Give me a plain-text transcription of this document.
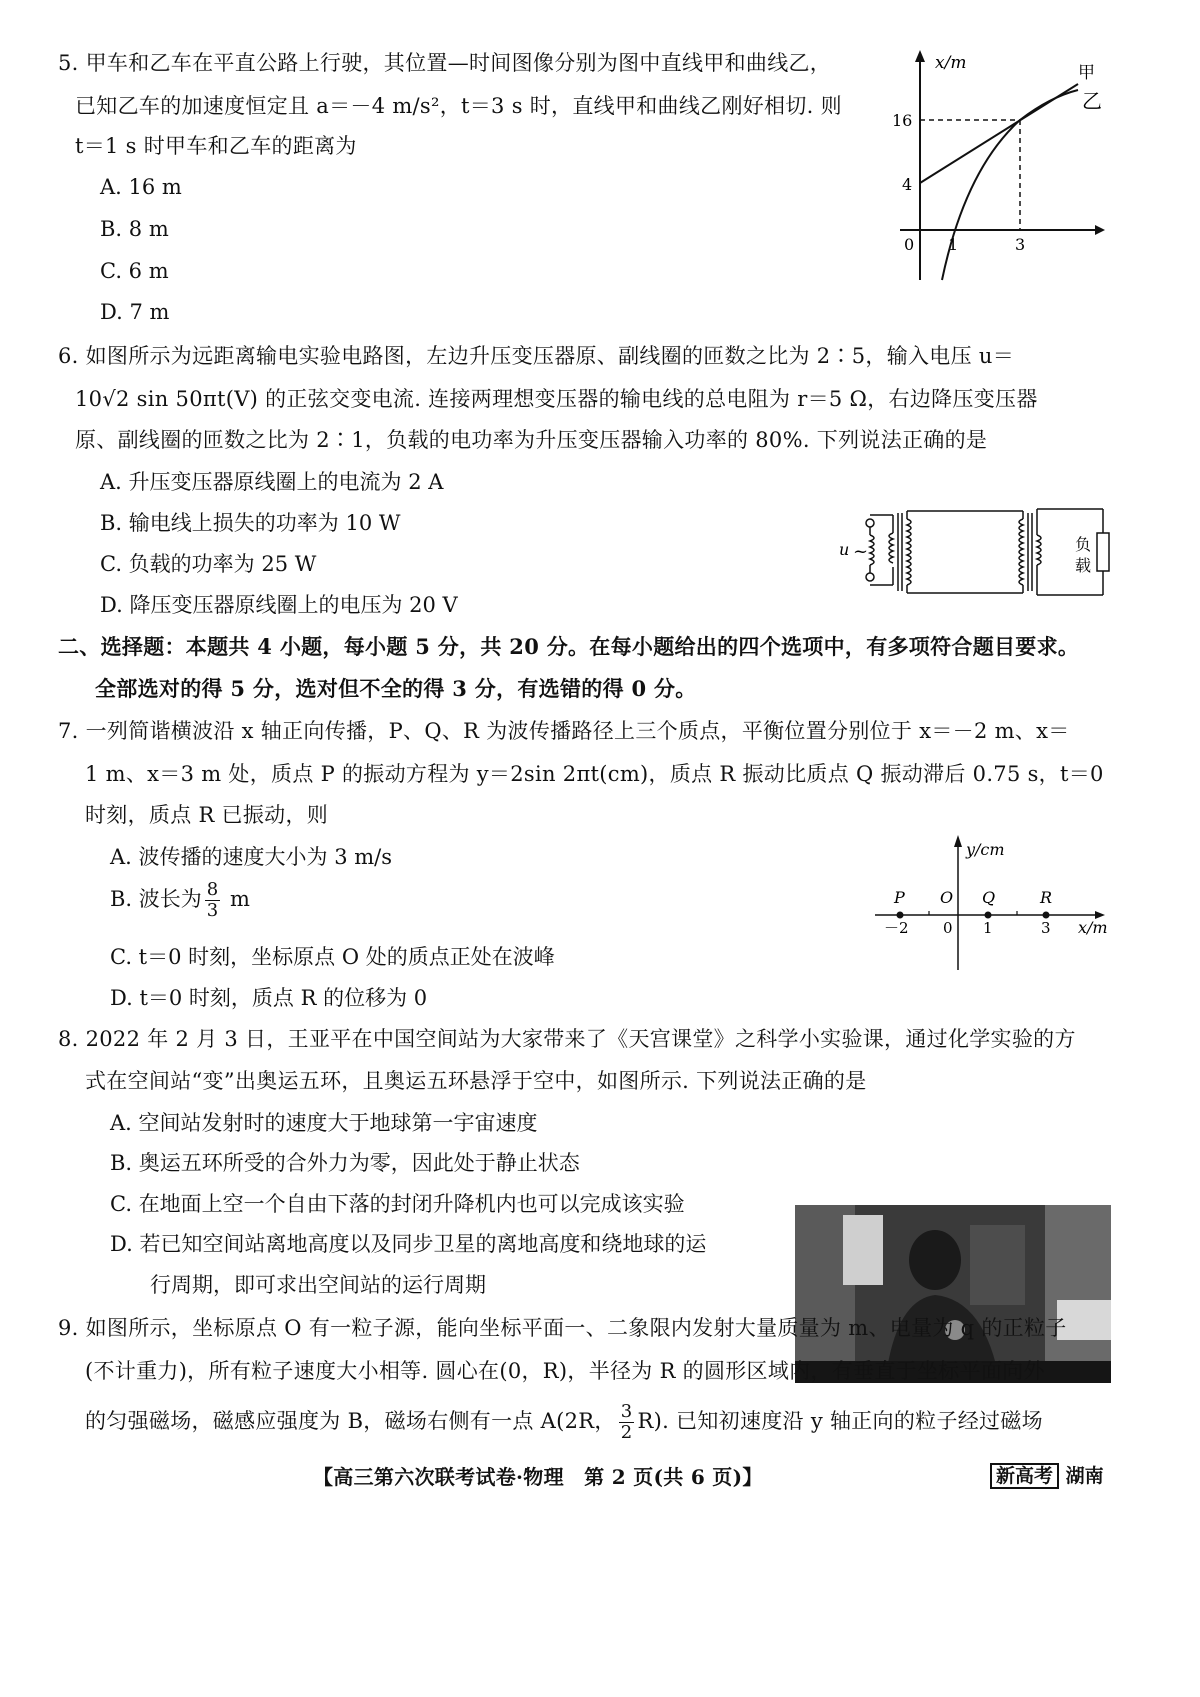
5. 甲车和乙车在平直公路上行驶，其位置—时间图像分别为图中直线甲和曲线乙，
已知乙车的加速度恒定且 a＝－4 m/s²，t＝3 s 时，直线甲和曲线乙刚好相切. 则
t＝1 s 时甲车和乙车的距离为
A. 16 m
B. 8 m
C. 6 m
D. 7 m
x/m	甲
乙
16
4
0 1	3
6. 如图所示为远距离输电实验电路图，左边升压变压器原、副线圈的匝数之比为 2∶5，输入电压 u＝
10√2 sin 50πt(V) 的正弦交变电流. 连接两理想变压器的输电线的总电阻为 r＝5 Ω，右边降压变压器
原、副线圈的匝数之比为 2∶1，负载的电功率为升压变压器输入功率的 80%. 下列说法正确的是
A. 升压变压器原线圈上的电流为 2 A
B. 输电线上损失的功率为 10 W
C. 负载的功率为 25 W
D. 降压变压器原线圈上的电压为 20 V
u ~	负
载
二、选择题：本题共 4 小题，每小题 5 分，共 20 分。在每小题给出的四个选项中，有多项符合题目要求。
全部选对的得 5 分，选对但不全的得 3 分，有选错的得 0 分。
7. 一列简谐横波沿 x 轴正向传播，P、Q、R 为波传播路径上三个质点，平衡位置分别位于 x＝－2 m、x＝
1 m、x＝3 m 处，质点 P 的振动方程为 y＝2sin 2πt(cm)，质点 R 振动比质点 Q 振动滞后 0.75 s，t＝0
时刻，质点 R 已振动，则
A. 波传播的速度大小为 3 m/s
B. 波长为 $\frac{8}{3}$ m
C. t＝0 时刻，坐标原点 O 处的质点正处在波峰
D. t＝0 时刻，质点 R 的位移为 0
y/cm
x/m
P O Q	R
－2 0 1	3
8. 2022 年 2 月 3 日，王亚平在中国空间站为大家带来了《天宫课堂》之科学小实验课，通过化学实验的方
式在空间站“变”出奥运五环，且奥运五环悬浮于空中，如图所示. 下列说法正确的是
A. 空间站发射时的速度大于地球第一宇宙速度
B. 奥运五环所受的合外力为零，因此处于静止状态
C. 在地面上空一个自由下落的封闭升降机内也可以完成该实验
D. 若已知空间站离地高度以及同步卫星的离地高度和绕地球的运
行周期，即可求出空间站的运行周期
9. 如图所示，坐标原点 O 有一粒子源，能向坐标平面一、二象限内发射大量质量为 m、电量为 q 的正粒子
(不计重力)，所有粒子速度大小相等. 圆心在(0，R)，半径为 R 的圆形区域内，有垂直于坐标平面向外
的匀强磁场，磁感应强度为 B，磁场右侧有一点 A(2R， $\frac{3}{2} R$). 已知初速度沿 y 轴正向的粒子经过磁场
【高三第六次联考试卷·物理　第 2 页(共 6 页)】	新高考 湖南
